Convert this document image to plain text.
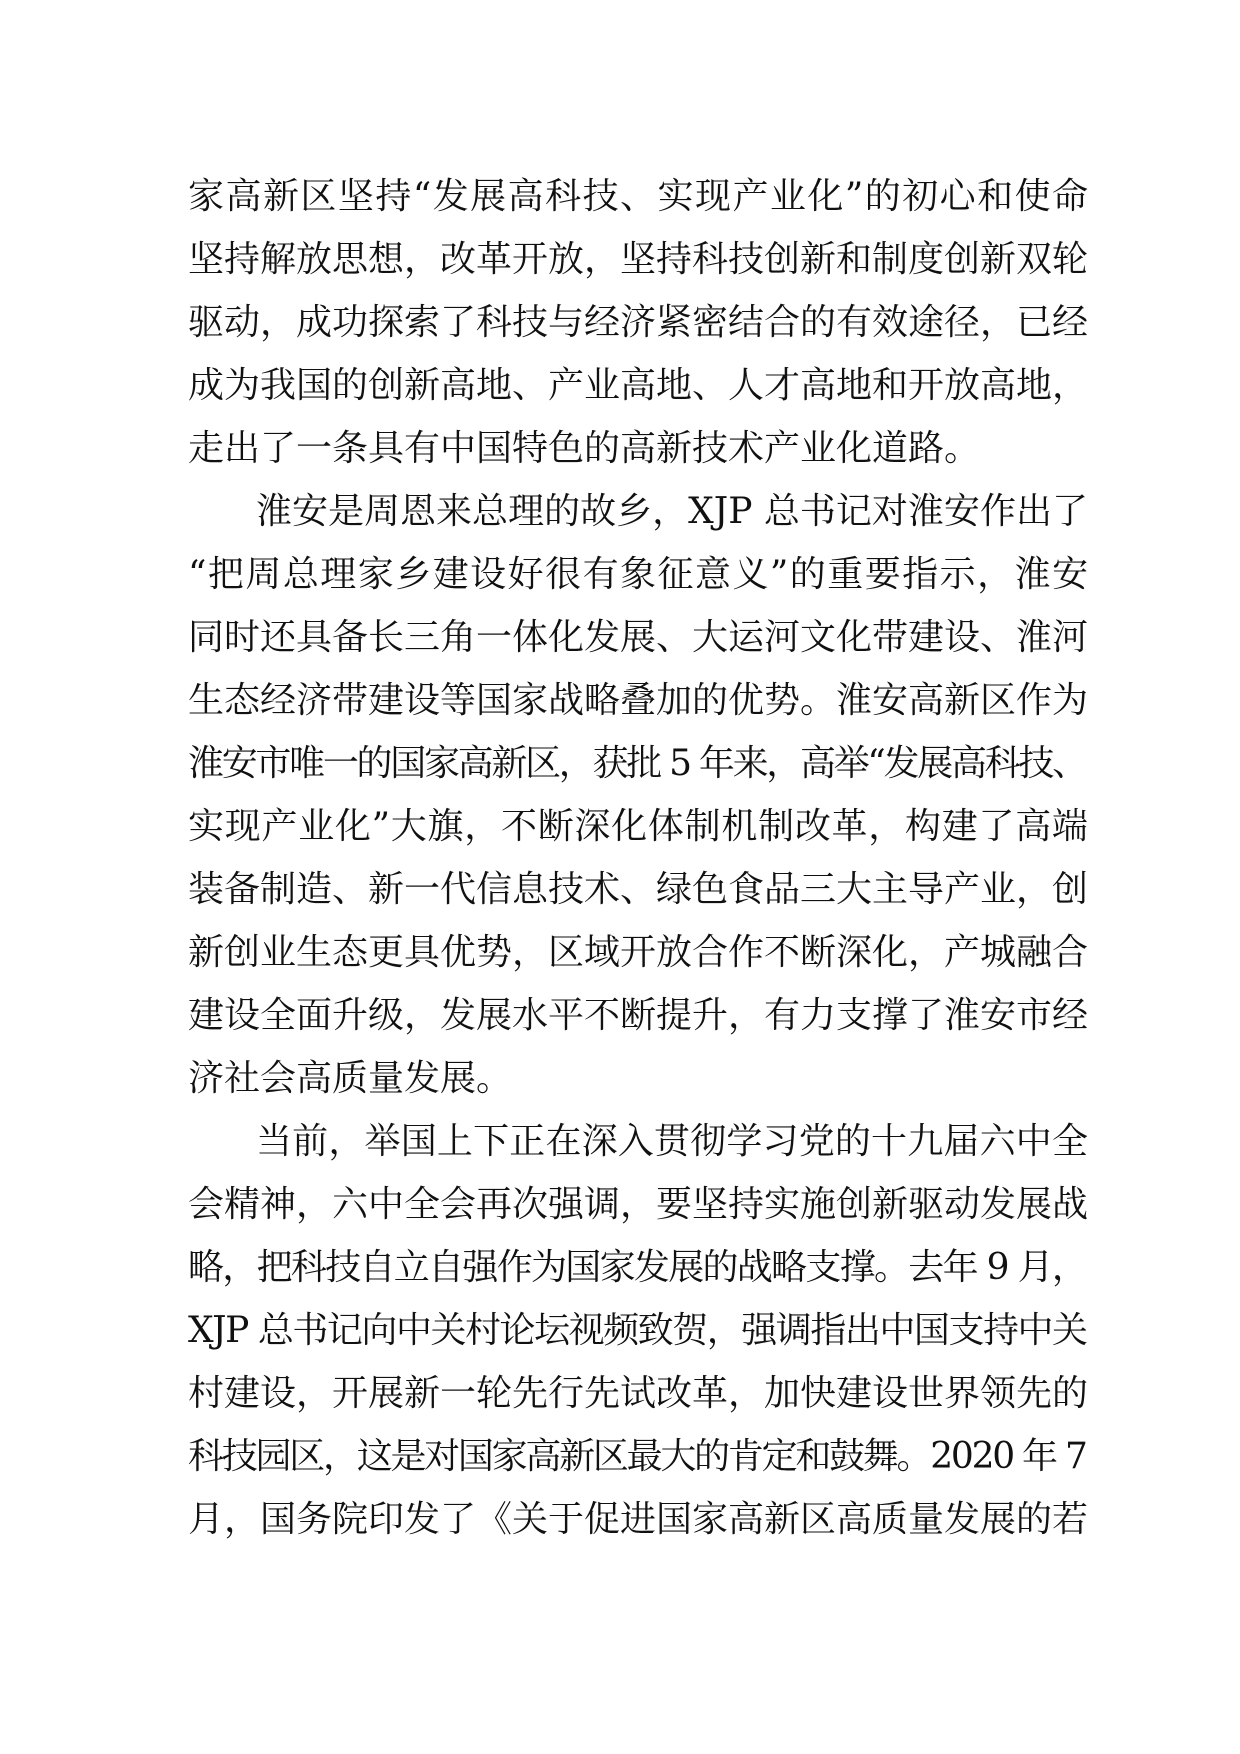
家高新区坚持“发展高科技、实现产业化”的初心和使命
坚持解放思想，改革开放，坚持科技创新和制度创新双轮
驱动，成功探索了科技与经济紧密结合的有效途径，已经
成为我国的创新高地、产业高地、人才高地和开放高地，
走出了一条具有中国特色的高新技术产业化道路。
淮安是周恩来总理的故乡，XJP 总书记对淮安作出了
“把周总理家乡建设好很有象征意义”的重要指示，淮安
同时还具备长三角一体化发展、大运河文化带建设、淮河
生态经济带建设等国家战略叠加的优势。淮安高新区作为
淮安市唯一的国家高新区，获批 5 年来，高举“发展高科技、
实现产业化”大旗，不断深化体制机制改革，构建了高端
装备制造、新一代信息技术、绿色食品三大主导产业，创
新创业生态更具优势，区域开放合作不断深化，产城融合
建设全面升级，发展水平不断提升，有力支撑了淮安市经
济社会高质量发展。
当前，举国上下正在深入贯彻学习党的十九届六中全
会精神，六中全会再次强调，要坚持实施创新驱动发展战
略，把科技自立自强作为国家发展的战略支撑。去年 9 月，
XJP 总书记向中关村论坛视频致贺，强调指出中国支持中关
村建设，开展新一轮先行先试改革，加快建设世界领先的
科技园区，这是对国家高新区最大的肯定和鼓舞。2020 年 7
月，国务院印发了《关于促进国家高新区高质量发展的若
